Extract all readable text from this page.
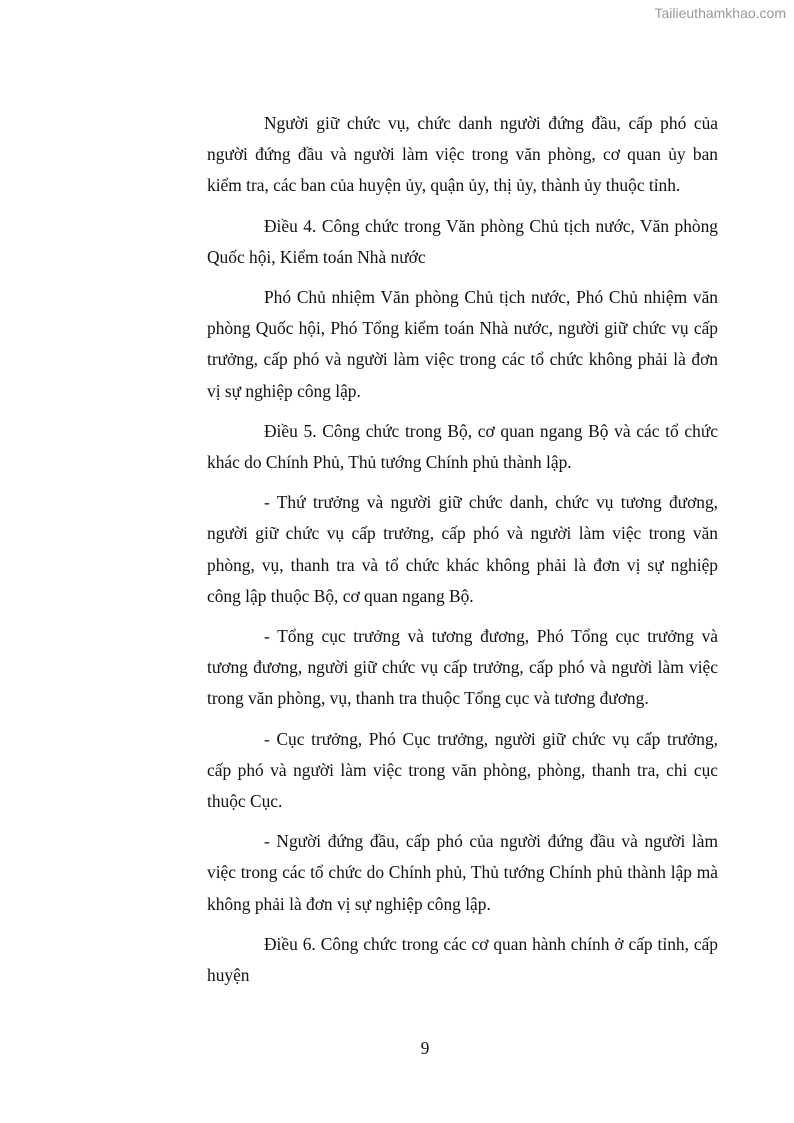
Tailieuthamkhao.com

Người giữ chức vụ, chức danh người đứng đầu, cấp phó của người đứng đầu và người làm việc trong văn phòng, cơ quan ủy ban kiểm tra, các ban của huyện ủy, quận ủy, thị ủy, thành ủy thuộc tỉnh.

Điều 4. Công chức trong Văn phòng Chủ tịch nước, Văn phòng Quốc hội, Kiểm toán Nhà nước

Phó Chủ nhiệm Văn phòng Chủ tịch nước, Phó Chủ nhiệm văn phòng Quốc hội, Phó Tổng kiểm toán Nhà nước, người giữ chức vụ cấp trưởng, cấp phó và người làm việc trong các tổ chức không phải là đơn vị sự nghiệp công lập.

Điều 5. Công chức trong Bộ, cơ quan ngang Bộ và các tổ chức khác do Chính Phủ, Thủ tướng Chính phủ thành lập.

- Thứ trưởng và người giữ chức danh, chức vụ tương đương, người giữ chức vụ cấp trưởng, cấp phó và người làm việc trong văn phòng, vụ, thanh tra và tổ chức khác không phải là đơn vị sự nghiệp công lập thuộc Bộ, cơ quan ngang Bộ.

- Tổng cục trưởng và tương đương, Phó Tổng cục trưởng và tương đương, người giữ chức vụ cấp trưởng, cấp phó và người làm việc trong văn phòng, vụ, thanh tra thuộc Tổng cục và tương đương.

- Cục trưởng, Phó Cục trưởng, người giữ chức vụ cấp trưởng, cấp phó và người làm việc trong văn phòng, phòng, thanh tra, chi cục thuộc Cục.

- Người đứng đầu, cấp phó của người đứng đầu và người làm việc trong các tổ chức do Chính phủ, Thủ tướng Chính phủ thành lập mà không phải là đơn vị sự nghiệp công lập.

Điều 6. Công chức trong các cơ quan hành chính ở cấp tỉnh, cấp huyện

9
